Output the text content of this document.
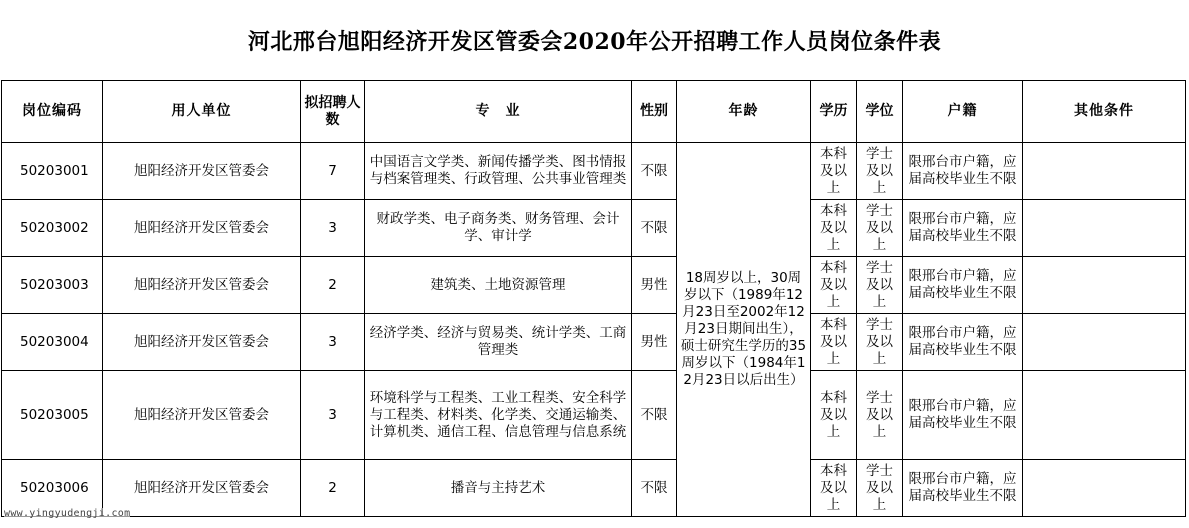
河北邢台旭阳经济开发区管委会2020年公开招聘工作人员岗位条件表
岗位编码	用人单位	拟招聘人数	专　业	性别	年龄	学历	学位	户籍	其他条件
50203001	旭阳经济开发区管委会	7	中国语言文学类、新闻传播学类、图书情报与档案管理类、行政管理、公共事业管理类	不限	18周岁以上，30周岁以下（1989年12月23日至2002年12月23日期间出生），硕士研究生学历的35周岁以下（1984年12月23日以后出生）	本科及以上	学士及以上	限邢台市户籍，应届高校毕业生不限	
50203002	旭阳经济开发区管委会	3	财政学类、电子商务类、财务管理、会计学、审计学	不限		本科及以上	学士及以上	限邢台市户籍，应届高校毕业生不限	
50203003	旭阳经济开发区管委会	2	建筑类、土地资源管理	男性		本科及以上	学士及以上	限邢台市户籍，应届高校毕业生不限	
50203004	旭阳经济开发区管委会	3	经济学类、经济与贸易类、统计学类、工商管理类	男性		本科及以上	学士及以上	限邢台市户籍，应届高校毕业生不限	
50203005	旭阳经济开发区管委会	3	环境科学与工程类、工业工程类、安全科学与工程类、材料类、化学类、交通运输类、计算机类、通信工程、信息管理与信息系统	不限		本科及以上	学士及以上	限邢台市户籍，应届高校毕业生不限	
50203006	旭阳经济开发区管委会	2	播音与主持艺术	不限		本科及以上	学士及以上	限邢台市户籍，应届高校毕业生不限	
www.yingyudengji.com
